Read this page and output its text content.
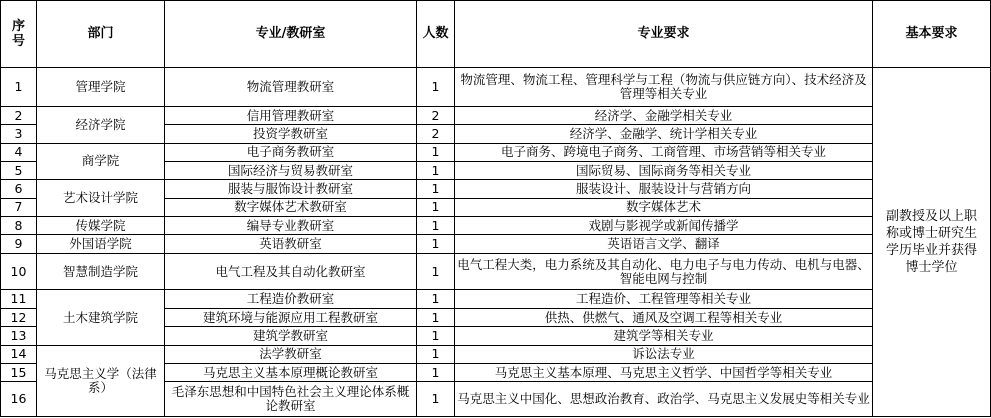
序号	部门	专业/教研室	人数	专业要求	基本要求
1	管理学院	物流管理教研室	1	物流管理、物流工程、管理科学与工程（物流与供应链方向）、技术经济及管理等相关专业	副教授及以上职称或博士研究生学历毕业并获得博士学位
2	经济学院	信用管理教研室	2	经济学、金融学相关专业	
3		投资学教研室	2	经济学、金融学、统计学相关专业	
4	商学院	电子商务教研室	1	电子商务、跨境电子商务、工商管理、市场营销等相关专业	
5		国际经济与贸易教研室	1	国际贸易、国际商务等相关专业	
6	艺术设计学院	服装与服饰设计教研室	1	服装设计、服装设计与营销方向	
7		数字媒体艺术教研室	1	数字媒体艺术	
8	传媒学院	编导专业教研室	1	戏剧与影视学或新闻传播学	
9	外国语学院	英语教研室	1	英语语言文学、翻译	
10	智慧制造学院	电气工程及其自动化教研室	1	电气工程大类，电力系统及其自动化、电力电子与电力传动、电机与电器、智能电网与控制	
11	土木建筑学院	工程造价教研室	1	工程造价、工程管理等相关专业	
12		建筑环境与能源应用工程教研室	1	供热、供燃气、通风及空调工程等相关专业	
13		建筑学教研室	1	建筑学等相关专业	
14	马克思主义学（法律系）	法学教研室	1	诉讼法专业	
15		马克思主义基本原理概论教研室	1	马克思主义基本原理、马克思主义哲学、中国哲学等相关专业	
16		毛泽东思想和中国特色社会主义理论体系概论教研室	1	马克思主义中国化、思想政治教育、政治学、马克思主义发展史等相关专业	
